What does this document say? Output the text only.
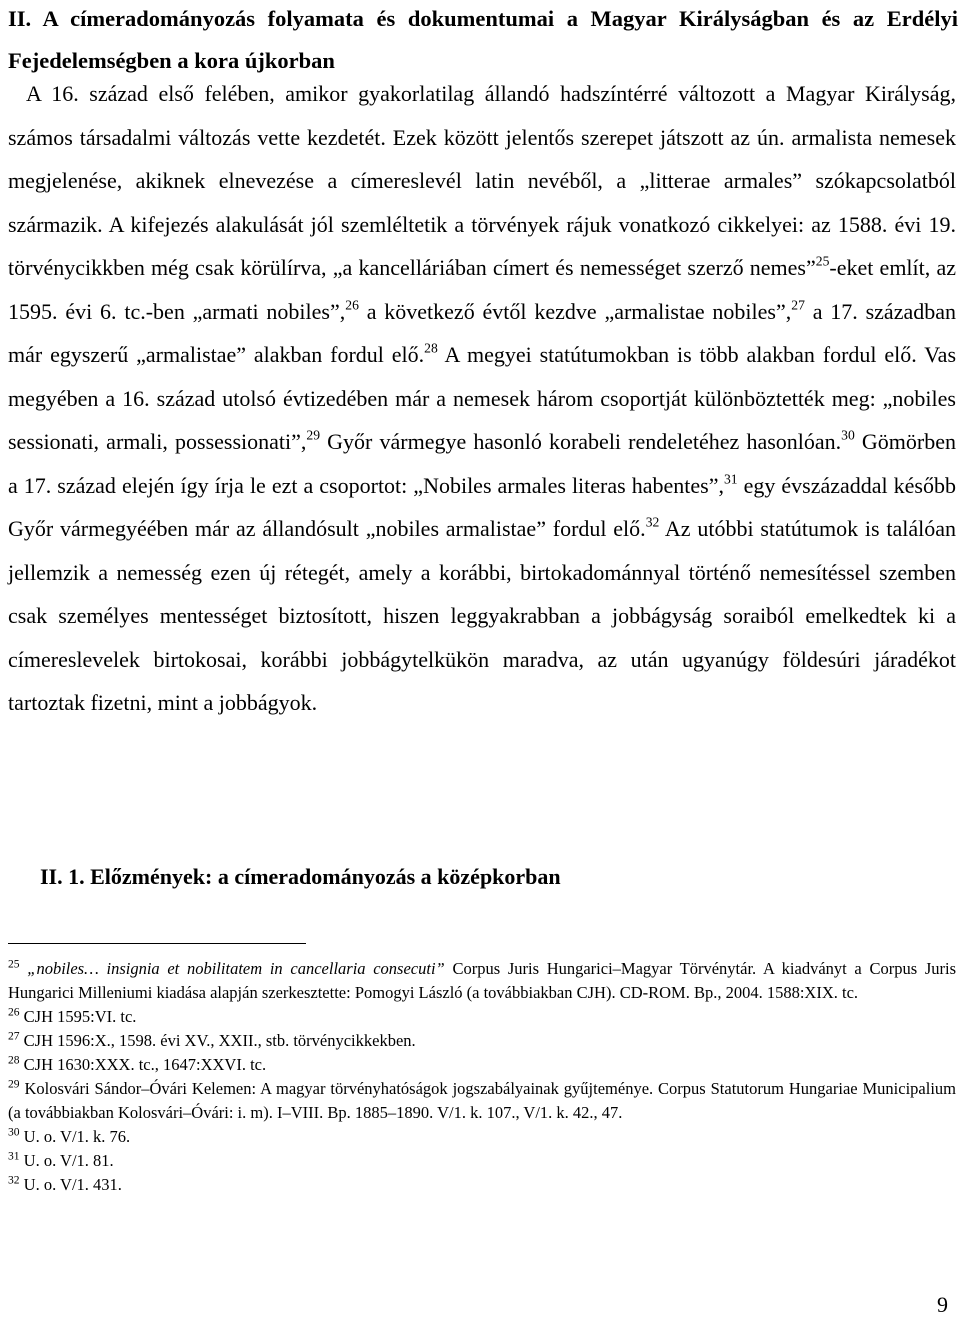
II. A címeradományozás folyamata és dokumentumai a Magyar Királyságban és az Erdélyi Fejedelemségben a kora újkorban

A 16. század első felében, amikor gyakorlatilag állandó hadszíntérré változott a Magyar Királyság, számos társadalmi változás vette kezdetét. Ezek között jelentős szerepet játszott az ún. armalista nemesek megjelenése, akiknek elnevezése a címereslevél latin nevéből, a „litterae armales” szókapcsolatból származik. A kifejezés alakulását jól szemléltetik a törvények rájuk vonatkozó cikkelyei: az 1588. évi 19. törvénycikkben még csak körülírva, „a kancelláriában címert és nemességet szerző nemes”$^{25}$-eket említ, az 1595. évi 6. tc.-ben „armati nobiles”,$^{26}$ a következő évtől kezdve „armalistae nobiles”,$^{27}$ a 17. században már egyszerű „armalistae” alakban fordul elő.$^{28}$ A megyei statútumokban is több alakban fordul elő. Vas megyében a 16. század utolsó évtizedében már a nemesek három csoportját különböztették meg: „nobiles sessionati, armali, possessionati”,$^{29}$ Győr vármegye hasonló korabeli rendeletéhez hasonlóan.$^{30}$ Gömörben a 17. század elején így írja le ezt a csoportot: „Nobiles armales literas habentes”,$^{31}$ egy évszázaddal később Győr vármegyéében már az állandósult „nobiles armalistae” fordul elő.$^{32}$ Az utóbbi statútumok is találóan jellemzik a nemesség ezen új rétegét, amely a korábbi, birtokadománnyal történő nemesítéssel szemben csak személyes mentességet biztosított, hiszen leggyakrabban a jobbágyság soraiból emelkedtek ki a címereslevelek birtokosai, korábbi jobbágytelkükön maradva, az után ugyanúgy földesúri járadékot tartoztak fizetni, mint a jobbágyok.

II. 1. Előzmények: a címeradományozás a középkorban

$^{25}$ „nobiles… insignia et nobilitatem in cancellaria consecuti” Corpus Juris Hungarici–Magyar Törvénytár. A kiadványt a Corpus Juris Hungarici Milleniumi kiadása alapján szerkesztette: Pomogyi László (a továbbiakban CJH). CD-ROM. Bp., 2004. 1588:XIX. tc.

$^{26}$ CJH 1595:VI. tc.

$^{27}$ CJH 1596:X., 1598. évi XV., XXII., stb. törvénycikkekben.

$^{28}$ CJH 1630:XXX. tc., 1647:XXVI. tc.

$^{29}$ Kolosvári Sándor–Óvári Kelemen: A magyar törvényhatóságok jogszabályainak gyűjteménye. Corpus Statutorum Hungariae Municipalium (a továbbiakban Kolosvári–Óvári: i. m). I–VIII. Bp. 1885–1890. V/1. k. 107., V/1. k. 42., 47.

$^{30}$ U. o. V/1. k. 76.

$^{31}$ U. o. V/1. 81.

$^{32}$ U. o. V/1. 431.

9
